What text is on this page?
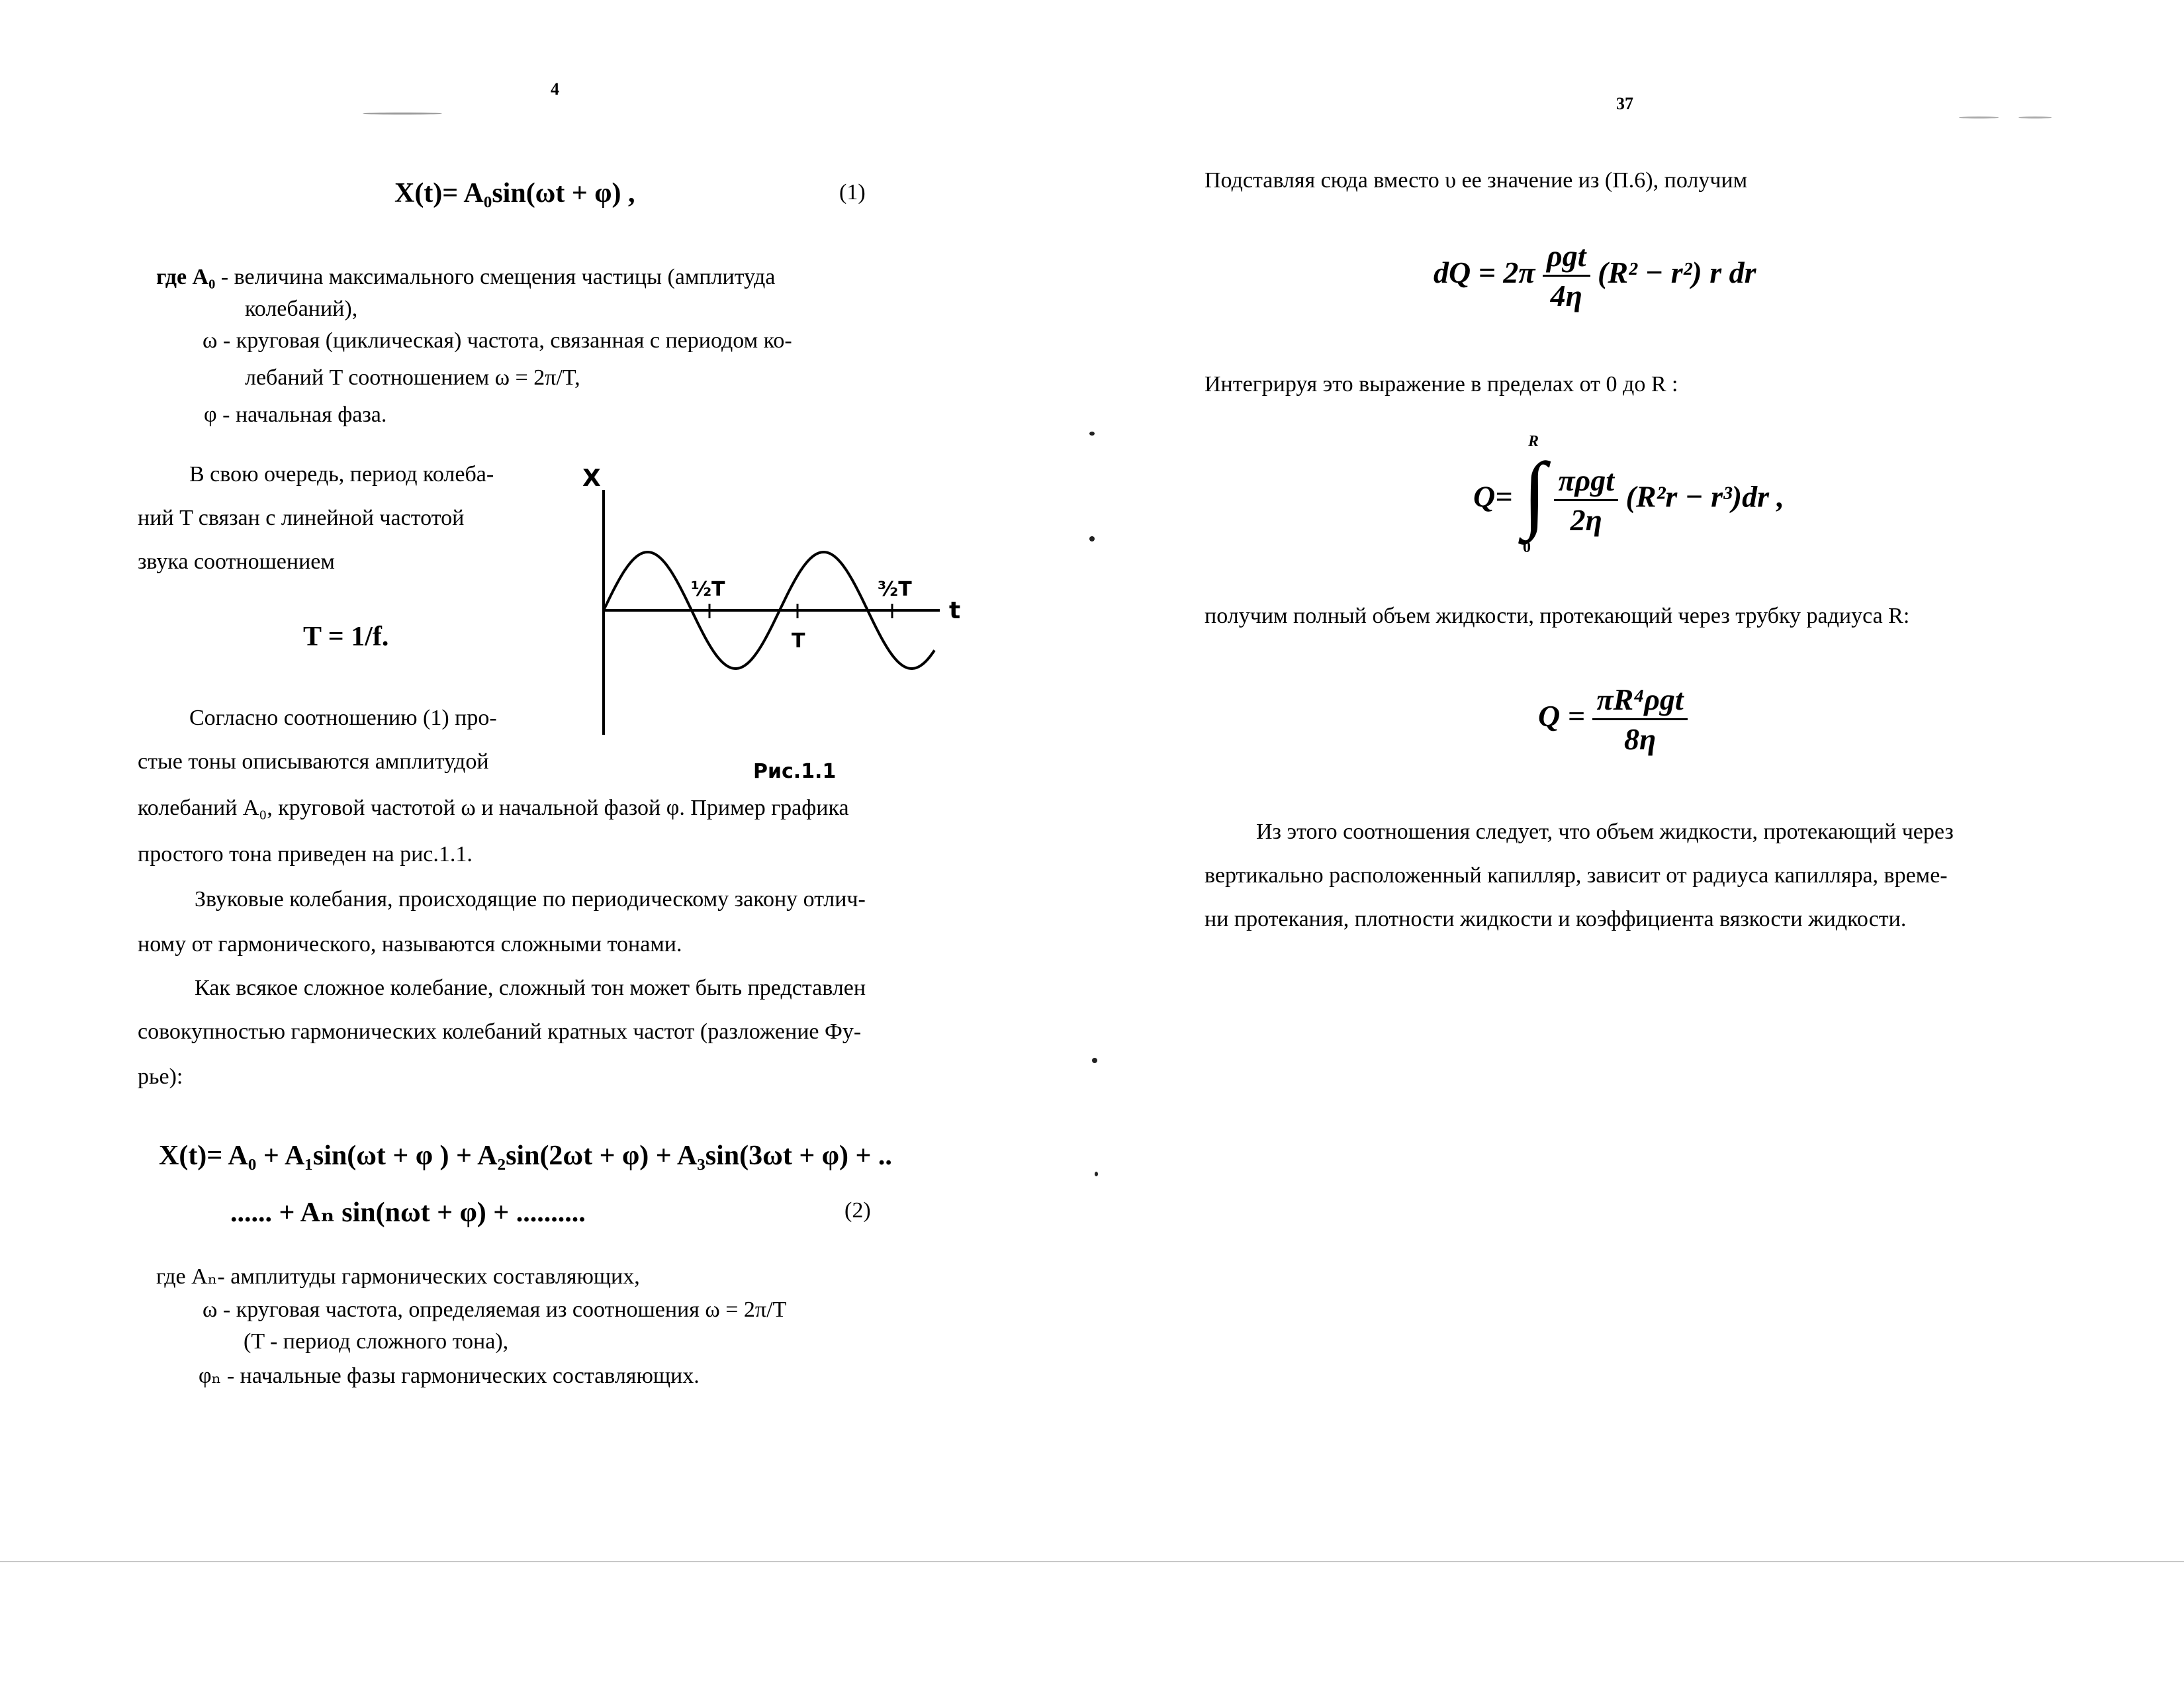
4
X(t)= A₀sin(ωt + φ) ,	(1)
где A₀ - величина максимального смещения частицы (амплитуда
колебаний),
ω - круговая (циклическая) частота, связанная с периодом ко-
лебаний T соотношением ω = 2π/T,
φ - начальная фаза.
В свою очередь, период колеба-
ний T связан с линейной частотой
звука соотношением
T = 1/f.
Согласно соотношению (1) про-
стые тоны описываются амплитудой
колебаний A₀, круговой частотой ω и начальной фазой φ. Пример графика
простого тона приведен на рис.1.1.
Звуковые колебания, происходящие по периодическому закону отлич-
ному от гармонического, называются сложными тонами.
Как всякое сложное колебание, сложный тон может быть представлен
совокупностью гармонических колебаний кратных частот (разложение Фу-
рье):
X(t)= A₀ + A₁sin(ωt + φ ) + A₂sin(2ωt + φ) + A₃sin(3ωt + φ) + ..
...... + Aₙ sin(nωt + φ) + ..........	(2)
где Aₙ- амплитуды гармонических составляющих,
ω - круговая частота, определяемая из соотношения ω = 2π/T
(T - период сложного тона),
φₙ - начальные фазы гармонических составляющих.
X
t
½T
T
³⁄₂T
Рис.1.1
37
Подставляя сюда вместо υ ее значение из (П.6), получим
dQ = $2\pi \frac{\text{ρgt}}{4\eta} (R^2 - r^2)$ r dr
Интегрируя это выражение в пределах от 0 до R :
Q= ∫
R
0

$\frac{\text{πρgt}}{2\eta} (R^2r - r^3)dr$ ,
получим полный объем жидкости, протекающий через трубку радиуса R:
$Q = \frac{\text{πR⁴ρgt}}{8\eta}$
Из этого соотношения следует, что объем жидкости, протекающий через
вертикально расположенный капилляр, зависит от радиуса капилляра, време-
ни протекания, плотности жидкости и коэффициента вязкости жидкости.
